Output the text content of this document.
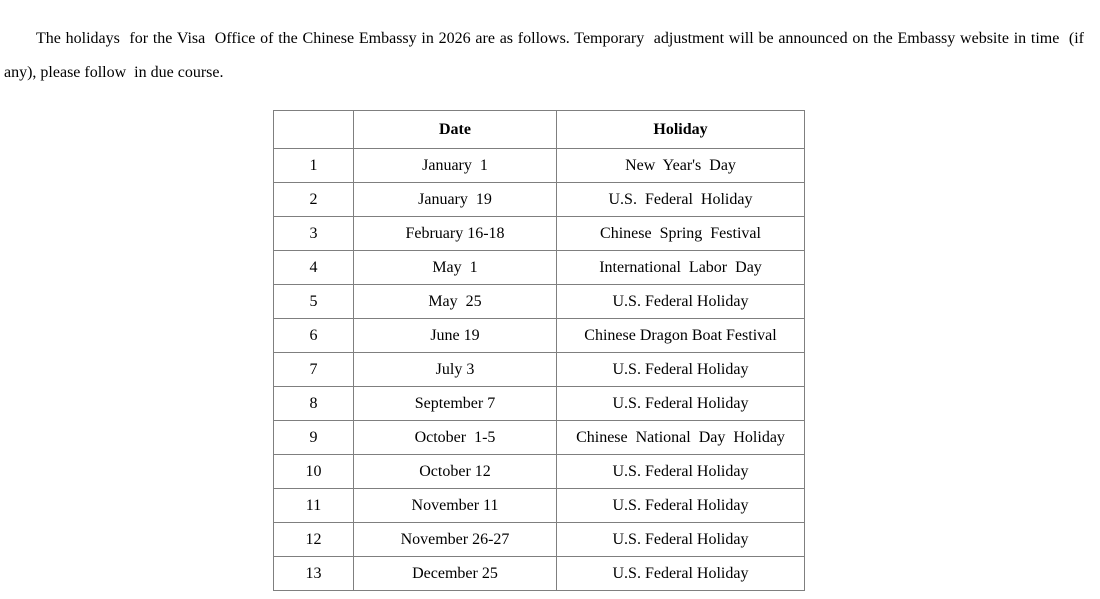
The holidays  for the Visa  Office of the Chinese Embassy in 2026 are as follows. Temporary  adjustment will be announced on the Embassy website in time  (if any), please follow  in due course.

	Date	Holiday
1	January  1	New  Year's  Day
2	January  19	U.S.  Federal  Holiday
3	February 16-18	Chinese  Spring  Festival
4	May  1	International  Labor  Day
5	May  25	U.S. Federal Holiday
6	June 19	Chinese Dragon Boat Festival
7	July 3	U.S. Federal Holiday
8	September 7	U.S. Federal Holiday
9	October  1-5	Chinese  National  Day  Holiday
10	October 12	U.S. Federal Holiday
11	November 11	U.S. Federal Holiday
12	November 26-27	U.S. Federal Holiday
13	December 25	U.S. Federal Holiday
